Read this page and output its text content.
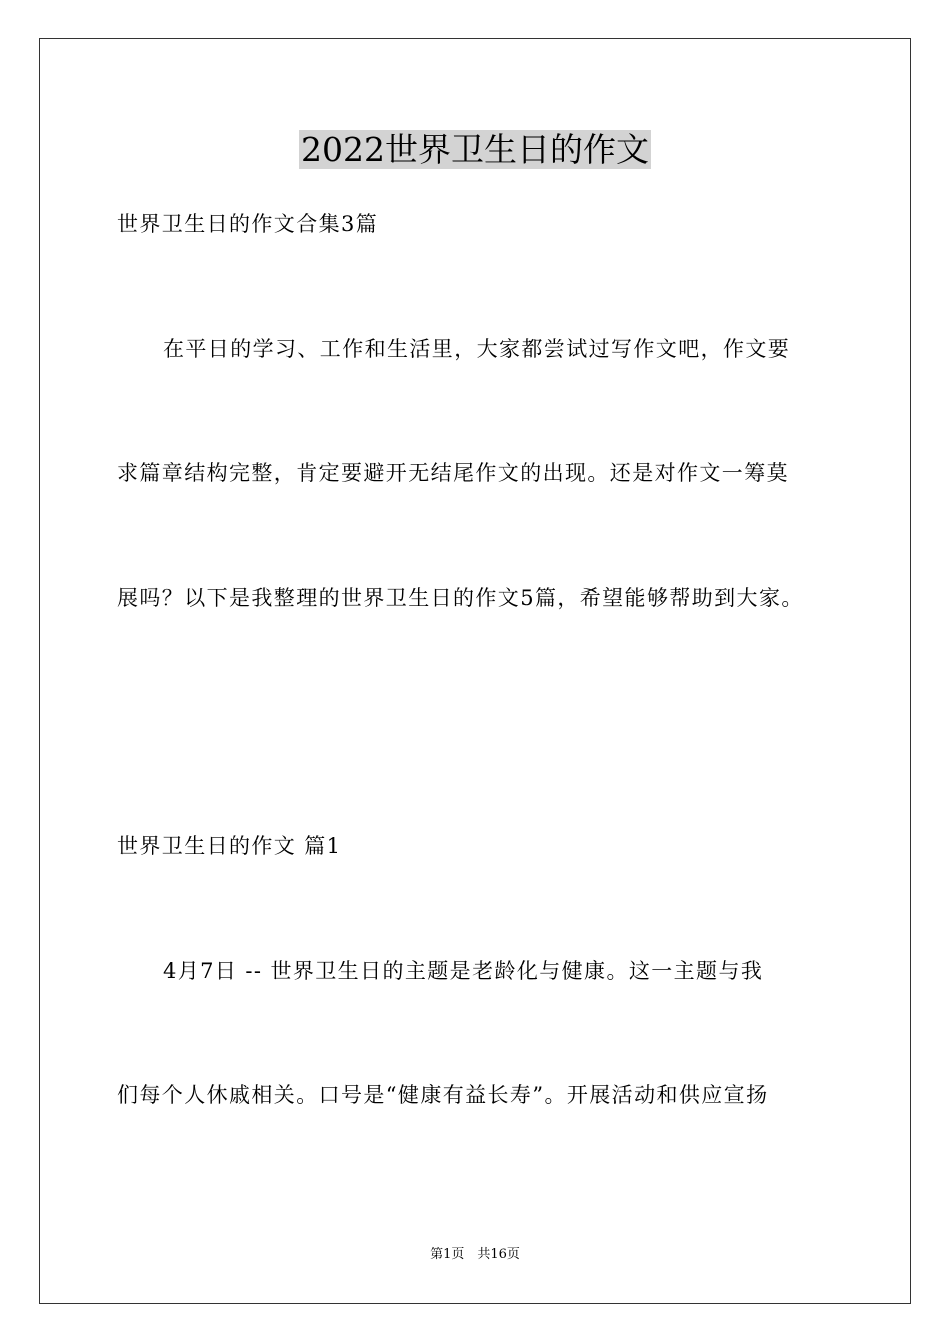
2022世界卫生日的作文
世界卫生日的作文合集3篇
在平日的学习、工作和生活里，大家都尝试过写作文吧，作文要
求篇章结构完整，肯定要避开无结尾作文的出现。还是对作文一筹莫
展吗？以下是我整理的世界卫生日的作文5篇，希望能够帮助到大家。
世界卫生日的作文 篇1
4月7日 -- 世界卫生日的主题是老龄化与健康。这一主题与我
们每个人休戚相关。口号是“健康有益长寿”。开展活动和供应宣扬
第1页　共16页
